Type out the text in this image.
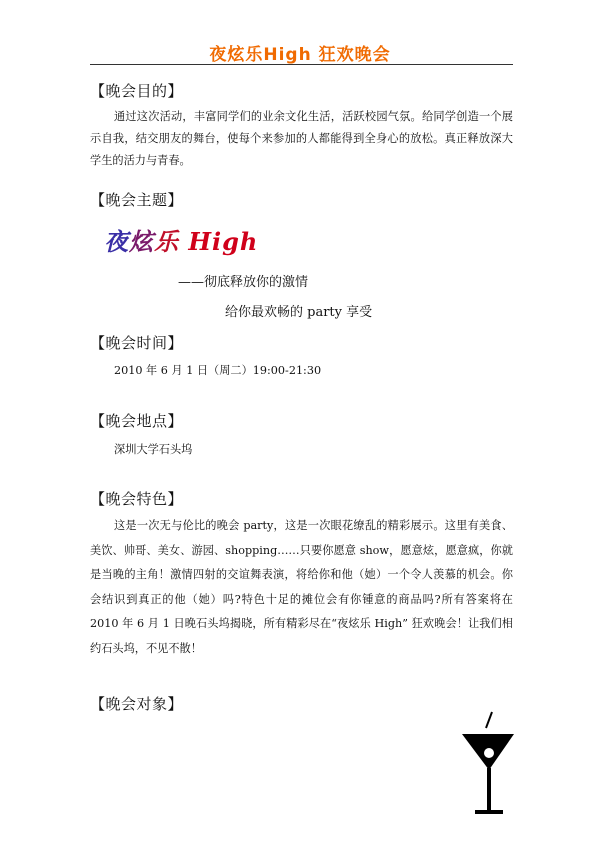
夜炫乐High 狂欢晚会
【晚会目的】
通过这次活动，丰富同学们的业余文化生活，活跃校园气氛。给同学创造一个展示自我，结交朋友的舞台，使每个来参加的人都能得到全身心的放松。真正释放深大学生的活力与青春。
【晚会主题】
夜炫乐 High
——彻底释放你的激情
给你最欢畅的 party 享受
【晚会时间】
2010 年 6 月 1 日（周二）19:00-21:30
【晚会地点】
深圳大学石头坞
【晚会特色】
这是一次无与伦比的晚会 party，这是一次眼花缭乱的精彩展示。这里有美食、美饮、帅哥、美女、游园、shopping……只要你愿意 show，愿意炫，愿意疯，你就是当晚的主角！激情四射的交谊舞表演，将给你和他（她）一个令人羡慕的机会。你会结识到真正的他（她）吗?特色十足的摊位会有你锺意的商品吗?所有答案将在 2010 年 6 月 1 日晚石头坞揭晓，所有精彩尽在“夜炫乐 High” 狂欢晚会！让我们相约石头坞，不见不散！
【晚会对象】
